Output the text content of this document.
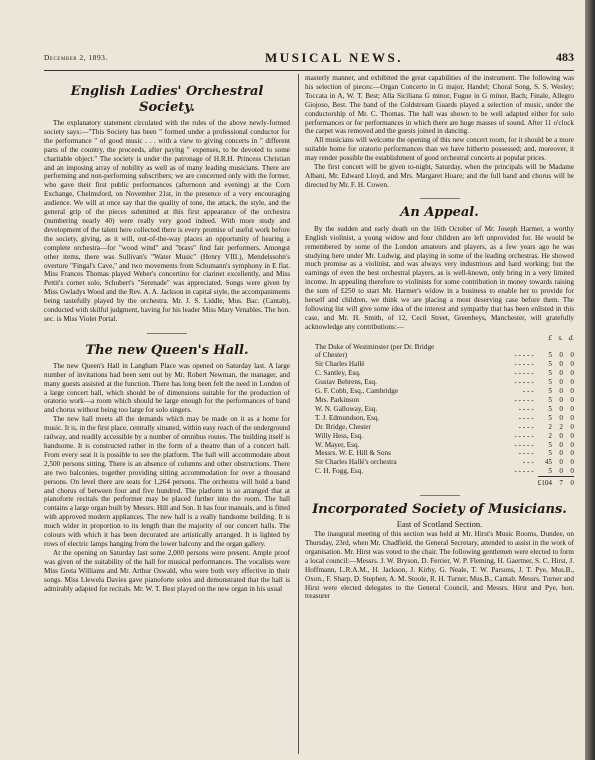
December 2, 1893.	MUSICAL NEWS.	483

English Ladies' Orchestral Society.

The explanatory statement circulated with the rules of the above newly-formed society says:—"This Society has been " formed under a professional conductor for the performance " of good music . . . with a view to giving concerts in " different parts of the country, the proceeds, after paying " expenses, to be devoted to some charitable object." The society is under the patronage of H.R.H. Princess Christian and an imposing array of nobility as well as of many leading musicians. There are performing and non-performing subscribers; we are concerned only with the former, who gave their first public performances (afternoon and evening) at the Corn Exchange, Chelmsford, on November 21st, in the presence of a very encouraging audience. We will at once say that the quality of tone, the attack, the style, and the general grip of the pieces submitted at this first appearance of the orchestra (numbering nearly 40) were really very good indeed. With more study and development of the talent here collected there is every promise of useful work before the society, giving, as it will, out-of-the-way places an opportunity of hearing a complete orchestra—for "wood wind" and "brass" find fair performers. Amongst other items, there was Sullivan's "Water Music" (Henry VIII.), Mendelssohn's overture "Fingal's Cave," and two movements from Schumann's symphony in E flat. Miss Frances Thomas played Weber's concertino for clarinet excellently, and Miss Pettit's cornet solo, Schubert's "Serenade" was appreciated. Songs were given by Miss Gwladys Wood and the Rev. A. A. Jackson in capital style, the accompaniments being tastefully played by the orchestra. Mr. J. S. Liddle, Mus. Bac. (Cantab), conducted with skilful judgment, having for his leader Miss Mary Venables. The hon. sec. is Miss Violet Portal.

The new Queen's Hall.

The new Queen's Hall in Langham Place was opened on Saturday last. A large number of invitations had been sent out by Mr. Robert Newman, the manager, and many guests assisted at the function. There has long been felt the need in London of a large concert hall, which should be of dimensions suitable for the production of oratorio work—a room which should be large enough for the performances of band and chorus without being too large for solo singers.

The new hall meets all the demands which may be made on it as a home for music. It is, in the first place, centrally situated, within easy reach of the underground railway, and readily accessible by a number of omnibus routes. The building itself is handsome. It is constructed rather in the form of a theatre than of a concert hall. From every seat it is possible to see the platform. The hall will accommodate about 2,500 persons sitting. There is an absence of columns and other obstructions. There are two balconies, together providing sitting accommodation for over a thousand persons. On level there are seats for 1,264 persons. The orchestra will hold a band and chorus of between four and five hundred. The platform is so arranged that at pianoforte recitals the performer may be placed further into the room. The hall contains a large organ built by Messrs. Hill and Son. It has four manuals, and is fitted with approved modern appliances. The new hall is a really handsome building. It is much wider in proportion to its length than the majority of our concert halls. The colours with which it has been decorated are artistically arranged. It is lighted by rows of electric lamps hanging from the lower balcony and the organ gallery.

At the opening on Saturday last some 2,000 persons were present. Ample proof was given of the suitability of the hall for musical performances. The vocalists were Miss Greta Williams and Mr. Arthur Oswald, who were both very effective in their songs. Miss Llewela Davies gave pianoforte solos and demonstrated that the hall is admirably adapted for recitals. Mr. W. T. Best played on the new organ in his usual

masterly manner, and exhibited the great capabilities of the instrument. The following was his selection of pieces:—Organ Concerto in G major, Handel; Choral Song, S. S. Wesley; Toccata in A, W. T. Best; Alla Siciliana G minor, Fugue in G minor, Bach; Finale, Allegro Giojoso, Best. The band of the Coldstream Guards played a selection of music, under the conductorship of Mr. C. Thomas. The hall was shown to be well adapted either for solo performances or for performances in which there are huge masses of sound. After 11 o'clock the carpet was removed and the guests joined in dancing.

All musicians will welcome the opening of this new concert room, for it should be a more suitable home for oratorio performances than we have hitherto possessed; and, moreover, it may render possible the establishment of good orchestral concerts at popular prices.

The first concert will be given to-night, Saturday, when the principals will be Madame Albani, Mr. Edward Lloyd, and Mrs. Margaret Hoare; and the full band and chorus will be directed by Mr. F. H. Cowen.

An Appeal.

By the sudden and early death on the 16th October of Mr. Joseph Harmer, a worthy English violinist, a young widow and four children are left unprovided for. He would be remembered by some of the London amateurs and players, as a few years ago he was studying here under Mr. Ludwig, and playing in some of the leading orchestras. He showed much promise as a violinist, and was always very industrious and hard working; but the earnings of even the best orchestral players, as is well-known, only bring in a very limited income. In appealing therefore to violinists for some contribution in money towards raising the sum of £250 to start Mr. Harmer's widow in a business to enable her to provide for herself and children, we think we are placing a most deserving case before them. The following list will give some idea of the interest and sympathy that has been enlisted in this case, and Mr. H. Smith, of 12, Cecil Street, Greenheys, Manchester, will gratefully acknowledge any contributions:—

		£	s.	d.
The Duke of Westminster (per Dr. Bridge				
of Chester)	- - - - -	5	0	0
Sir Charles Hallé	- - - - -	5	0	0
C. Santley, Esq.	- - - - -	5	0	0
Gustav Behrens, Esq.	- - - - -	5	0	0
G. F. Cobb, Esq., Cambridge	- - -	5	0	0
Mrs. Parkinson	- - - - -	5	0	0
W. N. Galloway, Esq.	- - - -	5	0	0
T. J. Edmundson, Esq.	- - - -	5	0	0
Dr. Bridge, Chester	- - - -	2	2	0
Willy Hess, Esq.	- - - - -	2	0	0
W. Mayer, Esq.	- - - - -	5	0	0
Messrs. W. E. Hill & Sons	- - - -	5	0	0
Sir Charles Hallé's orchestra	- - -	45	0	0
C. H. Fogg, Esq.	- - - - -	5	0	0
		£104	7	0

Incorporated Society of Musicians.

East of Scotland Section.

The inaugural meeting of this section was held at Mr. Hirst's Music Rooms, Dundee, on Thursday, 23rd, when Mr. Chadfield, the General Secretary, attended to assist in the work of organisation. Mr. Hirst was voted to the chair. The following gentlemen were elected to form a local council:—Messrs. J. W. Bryson, D. Ferrier, W. P. Fleming, H. Gaertner, S. C. Hirst, J. Hoffmann, L.R.A.M., H. Jackson, J. Kirby, G. Neale, T. W. Parsons, J. T. Pye, Mus.B., Oxon., F. Sharp, D. Stephen, A. M. Stoole, R. H. Turner, Mus.B., Cantab. Messrs. Turner and Hirst were elected delegates to the General Council, and Messrs. Hirst and Pye, hon. treasurer
